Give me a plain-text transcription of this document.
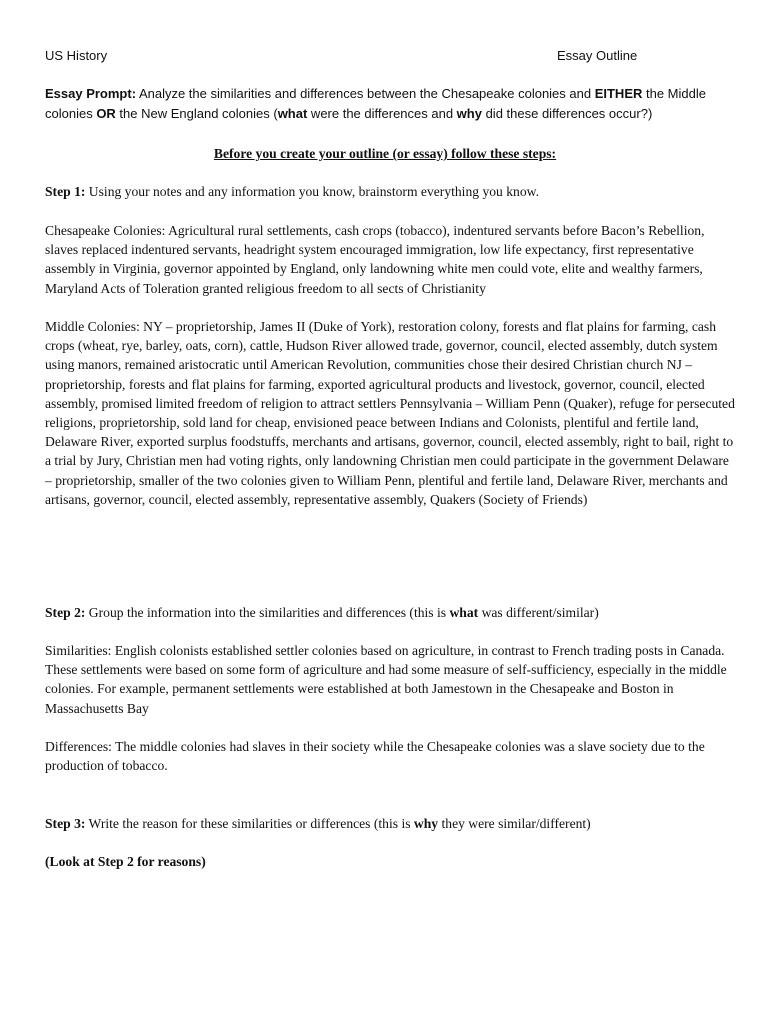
US History	Essay Outline
Essay Prompt: Analyze the similarities and differences between the Chesapeake colonies and EITHER the Middle colonies OR the New England colonies (what were the differences and why did these differences occur?)
Before you create your outline (or essay) follow these steps:

Step 1: Using your notes and any information you know, brainstorm everything you know.

Chesapeake Colonies: Agricultural rural settlements, cash crops (tobacco), indentured servants before Bacon’s Rebellion, slaves replaced indentured servants, headright system encouraged immigration, low life expectancy, first representative assembly in Virginia, governor appointed by England, only landowning white men could vote, elite and wealthy farmers, Maryland Acts of Toleration granted religious freedom to all sects of Christianity

Middle Colonies: NY – proprietorship, James II (Duke of York), restoration colony, forests and flat plains for farming, cash crops (wheat, rye, barley, oats, corn), cattle, Hudson River allowed trade, governor, council, elected assembly, dutch system using manors, remained aristocratic until American Revolution, communities chose their desired Christian church NJ – proprietorship, forests and flat plains for farming, exported agricultural products and livestock, governor, council, elected assembly, promised limited freedom of religion to attract settlers Pennsylvania – William Penn (Quaker), refuge for persecuted religions, proprietorship, sold land for cheap, envisioned peace between Indians and Colonists, plentiful and fertile land, Delaware River, exported surplus foodstuffs, merchants and artisans, governor, council, elected assembly, right to bail, right to a trial by Jury, Christian men had voting rights, only landowning Christian men could participate in the government Delaware – proprietorship, smaller of the two colonies given to William Penn, plentiful and fertile land, Delaware River, merchants and artisans, governor, council, elected assembly, representative assembly, Quakers (Society of Friends)

Step 2: Group the information into the similarities and differences (this is what was different/similar)

Similarities: English colonists established settler colonies based on agriculture, in contrast to French trading posts in Canada. These settlements were based on some form of agriculture and had some measure of self-sufficiency, especially in the middle colonies. For example, permanent settlements were established at both Jamestown in the Chesapeake and Boston in Massachusetts Bay

Differences: The middle colonies had slaves in their society while the Chesapeake colonies was a slave society due to the production of tobacco.

Step 3: Write the reason for these similarities or differences (this is why they were similar/different)

(Look at Step 2 for reasons)
